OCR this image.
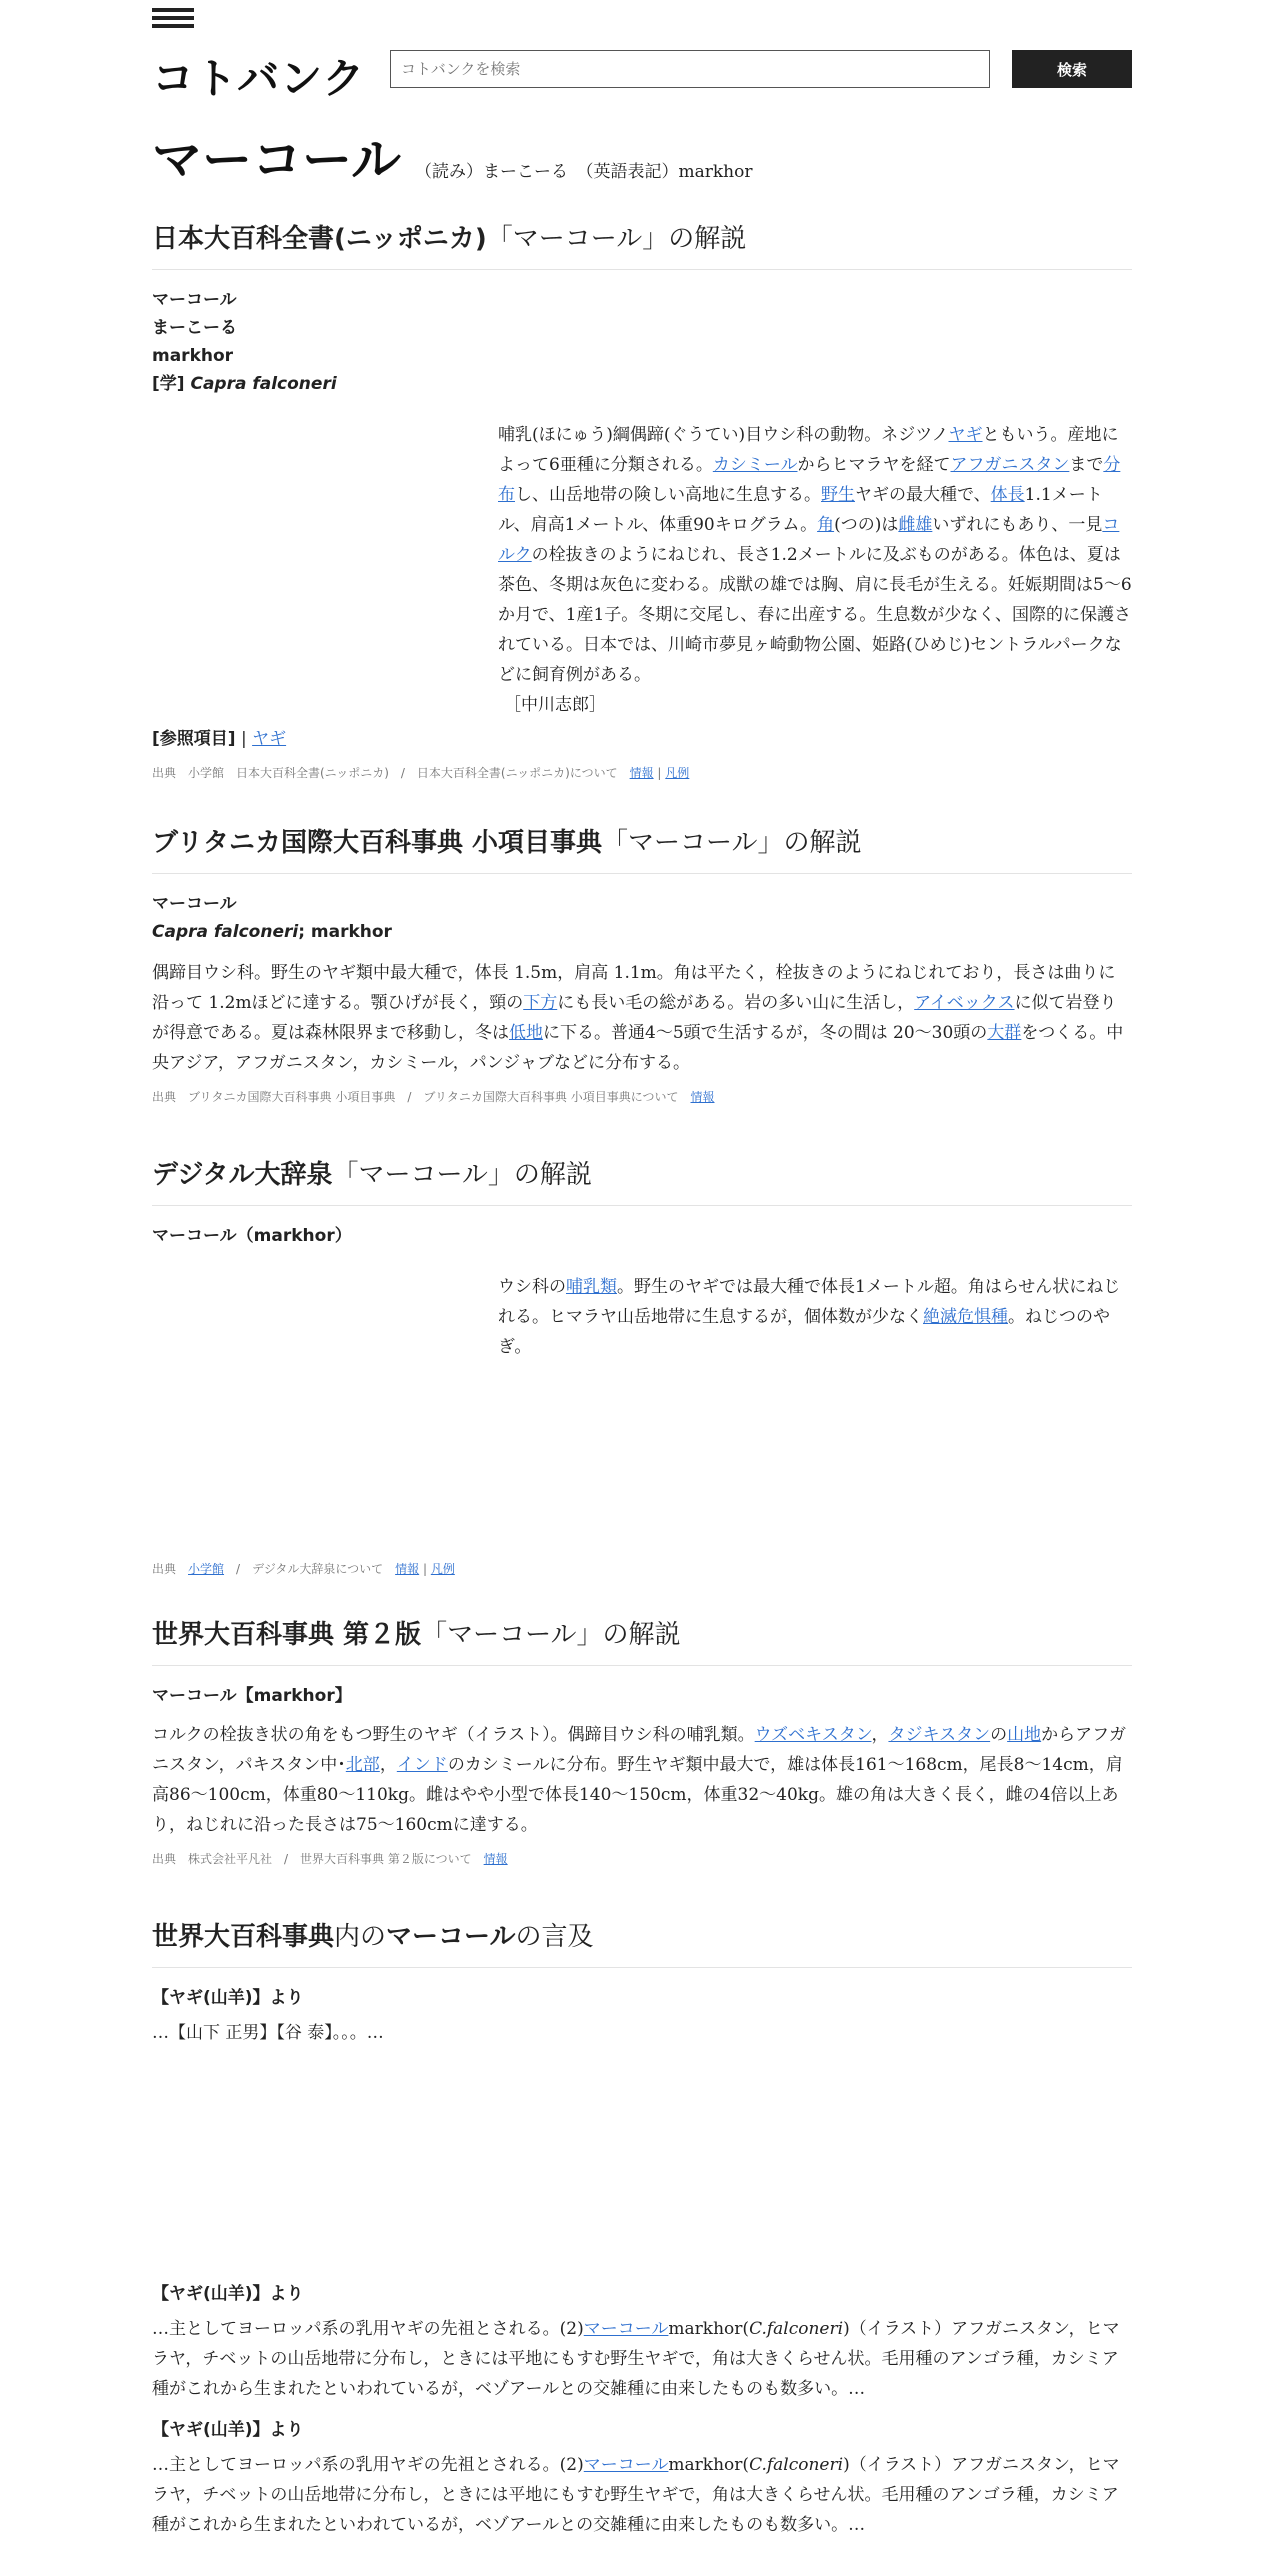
コトバンク
コトバンクを検索	検索
マーコール （読み）まーこーる　（英語表記）markhor
日本大百科全書(ニッポニカ)「マーコール」の解説
マーコール
まーこーる
markhor
[学] Capra falconeri
哺乳(ほにゅう)綱偶蹄(ぐうてい)目ウシ科の動物。ネジツノヤギともいう。産地によって6亜種に分類される。カシミールからヒマラヤを経てアフガニスタンまで分布し、山岳地帯の険しい高地に生息する。野生ヤギの最大種で、体長1.1メートル、肩高1メートル、体重90キログラム。角(つの)は雌雄いずれにもあり、一見コルクの栓抜きのようにねじれ、長さ1.2メートルに及ぶものがある。体色は、夏は茶色、冬期は灰色に変わる。成獣の雄では胸、肩に長毛が生える。妊娠期間は5～6か月で、1産1子。冬期に交尾し、春に出産する。生息数が少なく、国際的に保護されている。日本では、川崎市夢見ヶ崎動物公園、姫路(ひめじ)セントラルパークなどに飼育例がある。
［中川志郎］
[参照項目] | ヤギ
出典　小学館　日本大百科全書(ニッポニカ)　/　日本大百科全書(ニッポニカ)について　 情報 | 凡例
ブリタニカ国際大百科事典 小項目事典「マーコール」の解説
マーコール
Capra falconeri; markhor
偶蹄目ウシ科。野生のヤギ類中最大種で，体長 1.5m，肩高 1.1m。角は平たく，栓抜きのようにねじれており，長さは曲りに沿って 1.2mほどに達する。顎ひげが長く，頸の下方にも長い毛の総がある。岩の多い山に生活し，アイベックスに似て岩登りが得意である。夏は森林限界まで移動し，冬は低地に下る。普通4～5頭で生活するが，冬の間は 20～30頭の大群をつくる。中央アジア，アフガニスタン，カシミール，パンジャブなどに分布する。
出典　ブリタニカ国際大百科事典 小項目事典　/　ブリタニカ国際大百科事典 小項目事典について　 情報
デジタル大辞泉「マーコール」の解説
マーコール（markhor）
ウシ科の哺乳類。野生のヤギでは最大種で体長1メートル超。角はらせん状にねじれる。ヒマラヤ山岳地帯に生息するが，個体数が少なく絶滅危惧種。ねじつのやぎ。
出典　小学館　/　デジタル大辞泉について　情報 | 凡例
世界大百科事典 第２版「マーコール」の解説
マーコール【markhor】
コルクの栓抜き状の角をもつ野生のヤギ（イラスト）。偶蹄目ウシ科の哺乳類。ウズベキスタン，タジキスタンの山地からアフガニスタン，パキスタン中･北部，インドのカシミールに分布。野生ヤギ類中最大で，雄は体長161～168cm，尾長8～14cm，肩高86～100cm，体重80～110kg。雌はやや小型で体長140～150cm，体重32～40kg。雄の角は大きく長く，雌の4倍以上あり，ねじれに沿った長さは75～160cmに達する。
出典　株式会社平凡社　/　世界大百科事典 第２版について　情報
世界大百科事典内のマーコールの言及
【ヤギ(山羊)】より
…【山下 正男】【谷 泰】。。。…
【ヤギ(山羊)】より
…主としてヨーロッパ系の乳用ヤギの先祖とされる。(2)マーコールmarkhor(C.falconeri)（イラスト）アフガニスタン，ヒマラヤ，チベットの山岳地帯に分布し，ときには平地にもすむ野生ヤギで，角は大きくらせん状。毛用種のアンゴラ種，カシミア種がこれから生まれたといわれているが，ベゾアールとの交雑種に由来したものも数多い。…
【ヤギ(山羊)】より
…主としてヨーロッパ系の乳用ヤギの先祖とされる。(2)マーコールmarkhor(C.falconeri)（イラスト）アフガニスタン，ヒマラヤ，チベットの山岳地帯に分布し，ときには平地にもすむ野生ヤギで，角は大きくらせん状。毛用種のアンゴラ種，カシミア種がこれから生まれたといわれているが，ベゾアールとの交雑種に由来したものも数多い。…
